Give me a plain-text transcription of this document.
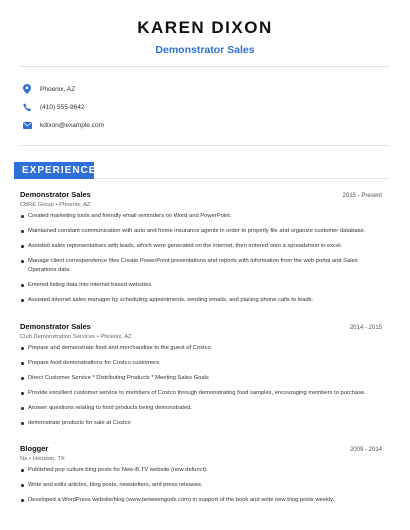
KAREN DIXON
Demonstrator Sales
Phoenix, AZ
(410) 555-9642
kdixon@example.com
EXPERIENCE
Demonstrator Sales	2015 - Present
CBRE Group • Phoenix, AZ
Created marketing tools and friendly email reminders on Word and PowerPoint.
Maintained constant communication with auto and home insurance agents in order to properly file and organize customer database.
Assisted sales representatives with leads, which were generated on the internet, then entered onto a spreadsheet in excel.
Manage client correspondence files Create PowerPoint presentations and reports with information from the web portal and Sales Operations data
Entered listing data into internet based websites.
Assisted internet sales manager by scheduling appointments, sending emails, and placing phone calls to leads.
Demonstrator Sales	2014 - 2015
Club Demonstration Services • Phoenix, AZ
Prepare and demonstrate food and merchandise to the guest of Costco.
Prepare food demonstrations for Costco customers.
Direct Customer Service * Distributing Products * Meeting Sales Goals
Provide excellent customer service to members of Costco through demonstrating food samples, encouraging members to purchase.
Answer questions relating to food products being demonstrated.
demonstrate products for sale at Costco
Blogger	2009 - 2014
Na • Houston, TX
Published pop culture blog posts for New-B.TV website (now defunct).
Write and edits articles, blog posts, newsletters, and press releases.
Developed a WordPress website/blog (www.betweengods.com) in support of the book and write new blog posts weekly.
